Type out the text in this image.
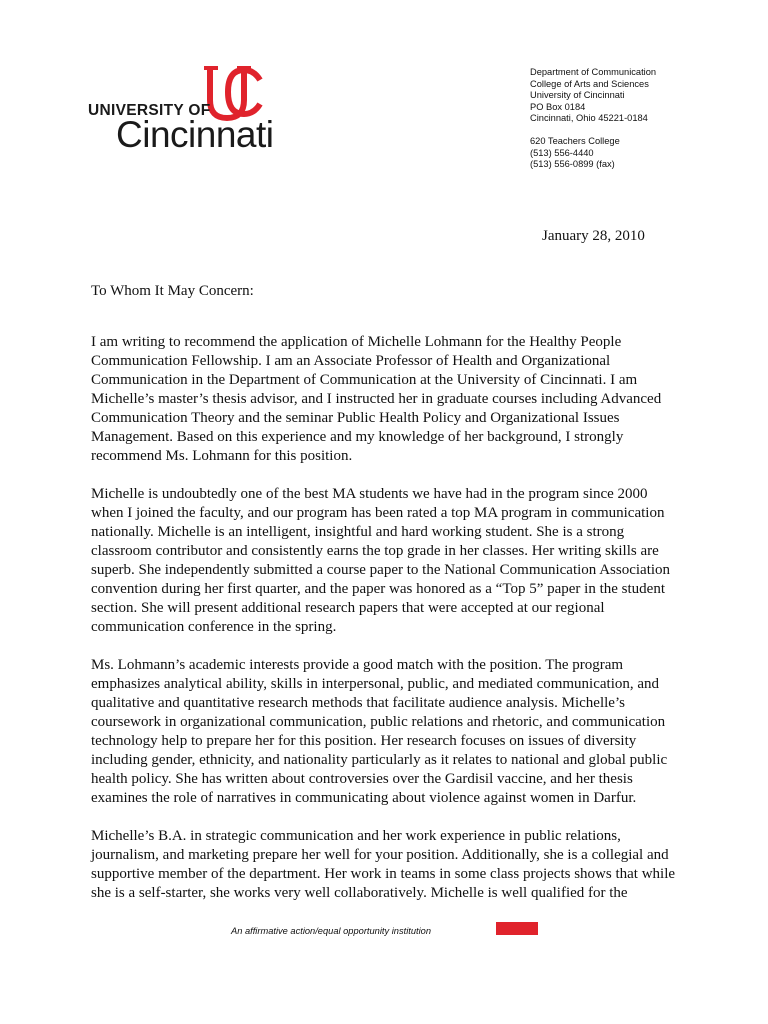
UNIVERSITY OF
Cincinnati
Department of Communication
College of Arts and Sciences
University of Cincinnati
PO Box 0184
Cincinnati, Ohio 45221-0184
620 Teachers College
(513) 556-4440
(513) 556-0899 (fax)
January 28, 2010
To Whom It May Concern:

I am writing to recommend the application of Michelle Lohmann for the Healthy People
Communication Fellowship. I am an Associate Professor of Health and Organizational
Communication in the Department of Communication at the University of Cincinnati. I am
Michelle’s master’s thesis advisor, and I instructed her in graduate courses including Advanced
Communication Theory and the seminar Public Health Policy and Organizational Issues
Management. Based on this experience and my knowledge of her background, I strongly
recommend Ms. Lohmann for this position.

Michelle is undoubtedly one of the best MA students we have had in the program since 2000
when I joined the faculty, and our program has been rated a top MA program in communication
nationally. Michelle is an intelligent, insightful and hard working student. She is a strong
classroom contributor and consistently earns the top grade in her classes. Her writing skills are
superb. She independently submitted a course paper to the National Communication Association
convention during her first quarter, and the paper was honored as a “Top 5” paper in the student
section. She will present additional research papers that were accepted at our regional
communication conference in the spring.

Ms. Lohmann’s academic interests provide a good match with the position. The program
emphasizes analytical ability, skills in interpersonal, public, and mediated communication, and
qualitative and quantitative research methods that facilitate audience analysis. Michelle’s
coursework in organizational communication, public relations and rhetoric, and communication
technology help to prepare her for this position. Her research focuses on issues of diversity
including gender, ethnicity, and nationality particularly as it relates to national and global public
health policy. She has written about controversies over the Gardisil vaccine, and her thesis
examines the role of narratives in communicating about violence against women in Darfur.

Michelle’s B.A. in strategic communication and her work experience in public relations,
journalism, and marketing prepare her well for your position. Additionally, she is a collegial and
supportive member of the department. Her work in teams in some class projects shows that while
she is a self-starter, she works very well collaboratively. Michelle is well qualified for the

An affirmative action/equal opportunity institution
